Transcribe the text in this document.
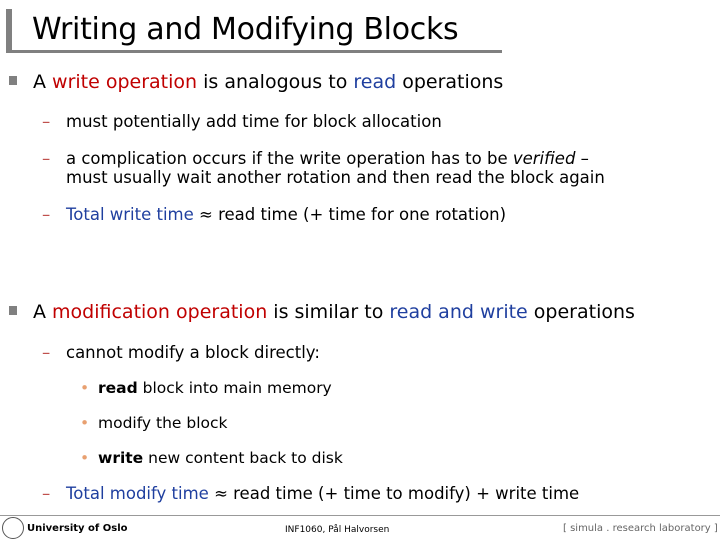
Writing and Modifying Blocks
A write operation is analogous to read operations
– must potentially add time for block allocation
– a complication occurs if the write operation has to be verified –
must usually wait another rotation and then read the block again
– Total write time ≈ read time (+ time for one rotation)
A modification operation is similar to read and write operations
– cannot modify a block directly:
• read block into main memory
• modify the block
• write new content back to disk
– Total modify time ≈ read time (+ time to modify) + write time
University of Oslo	INF1060, Pål Halvorsen	[ simula . research laboratory ]
